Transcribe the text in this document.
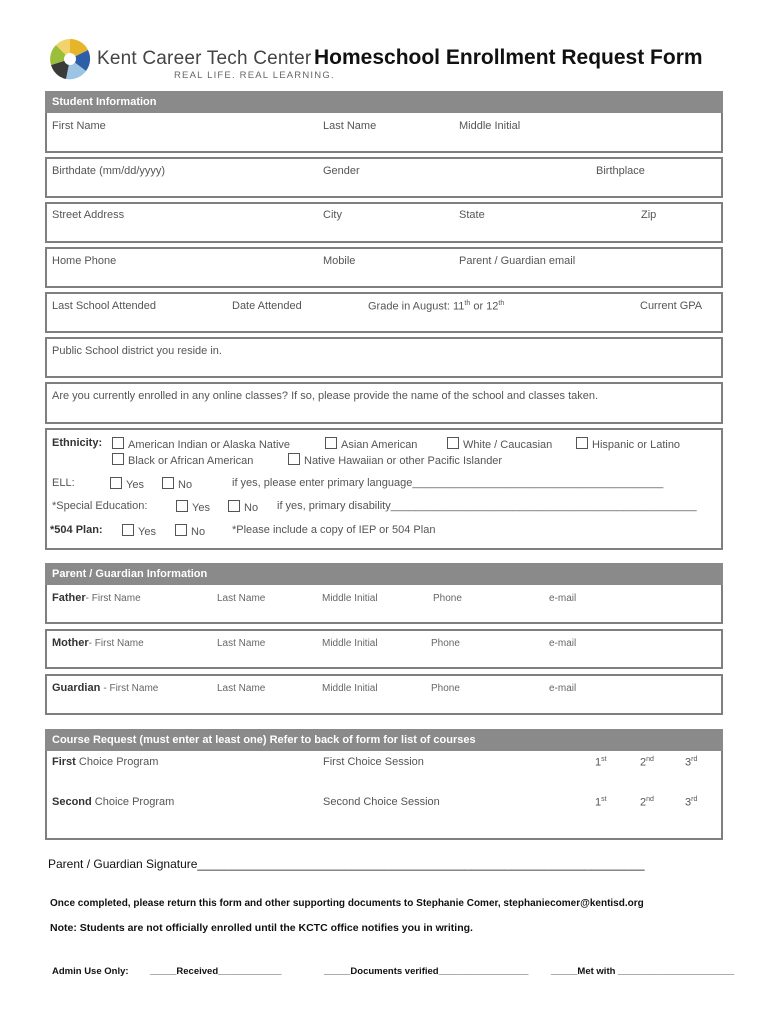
Kent Career Tech Center
REAL LIFE. REAL LEARNING.
Homeschool Enrollment Request Form
Student Information
First Name	Last Name	Middle Initial
Birthdate (mm/dd/yyyy)	Gender	Birthplace
Street Address	City	State	Zip
Home Phone	Mobile	Parent / Guardian email
Last School Attended	Date Attended	Grade in August: 11th or 12th	Current GPA
Public School district you reside in.
Are you currently enrolled in any online classes? If so, please provide the name of the school and classes taken.
Ethnicity:	American Indian or Alaska Native	Asian American	White / Caucasian	Hispanic or Latino
Black or African American	Native Hawaiian or other Pacific Islander
ELL:	Yes	No	if yes, please enter primary language_________________________________________
*Special Education:	Yes	No if yes, primary disability__________________________________________________
*504 Plan:	Yes	No *Please include a copy of IEP or 504 Plan
Parent / Guardian Information
Father- First Name	Last Name	Middle Initial	Phone	e-mail
Mother- First Name	Last Name	Middle Initial	Phone	e-mail
Guardian - First Name	Last Name	Middle Initial	Phone	e-mail
Course Request (must enter at least one) Refer to back of form for list of courses
First Choice Program	First Choice Session	1st	2nd	3rd
Second Choice Program	Second Choice Session	1st	2nd	3rd
Parent / Guardian Signature___________________________________________________________________
Once completed, please return this form and other supporting documents to Stephanie Comer, stephaniecomer@kentisd.org
Note: Students are not officially enrolled until the KCTC office notifies you in writing.
Admin Use Only: _____Received____________	_____Documents verified_________________ _____Met with ______________________
